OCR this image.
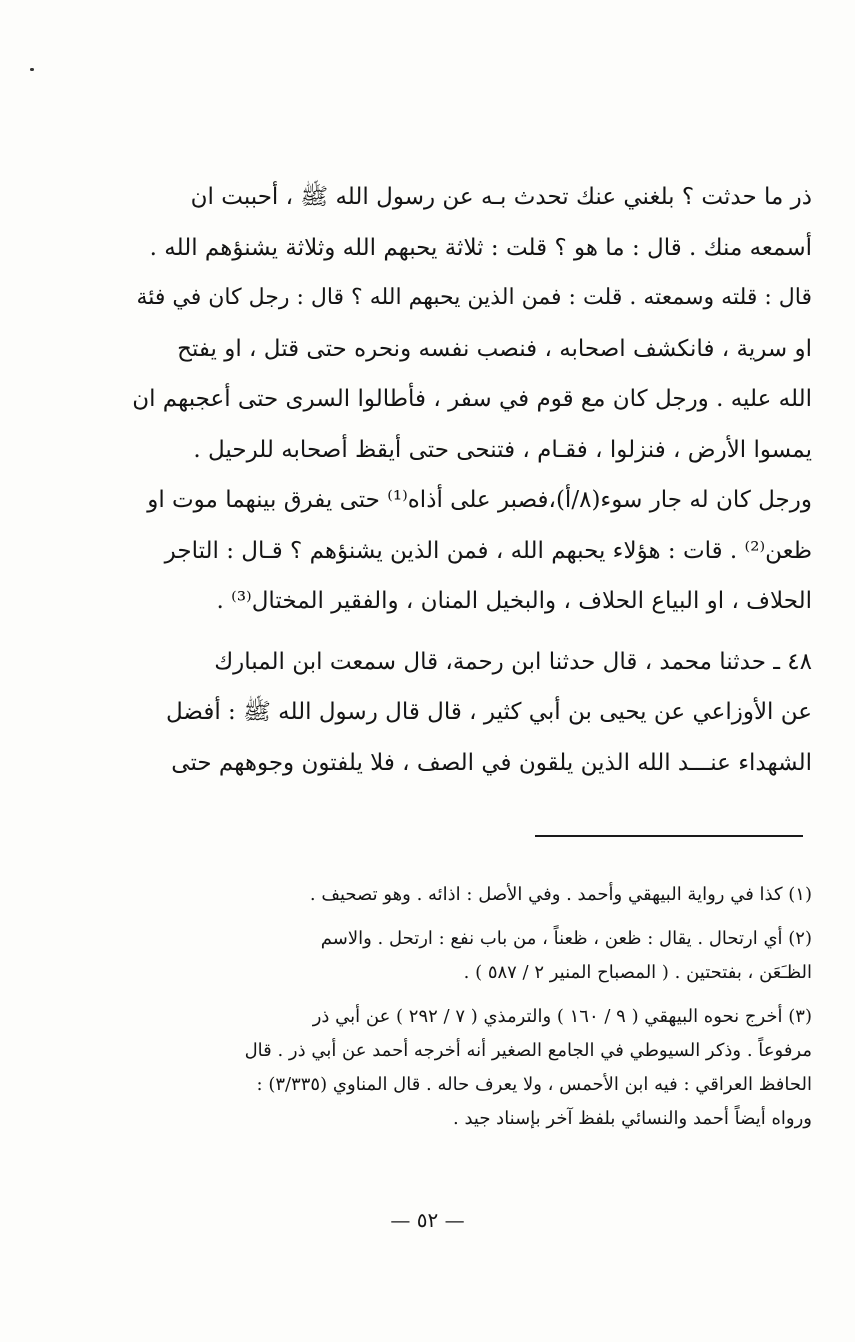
ذر ما حدثت ؟ بلغني عنك تحدث بـه عن رسول الله ﷺ ، أحببت ان
أسمعه منك . قال : ما هو ؟ قلت : ثلاثة يحبهم الله وثلاثة يشنؤهم الله .
قال : قلته وسمعته . قلت : فمن الذين يحبهم الله ؟ قال : رجل كان في فئة
او سرية ، فانكشف اصحابه ، فنصب نفسه ونحره حتى قتل ، او يفتح
الله عليه . ورجل كان مع قوم في سفر ، فأطالوا السرى حتى أعجبهم ان
يمسوا الأرض ، فنزلوا ، فقـام ، فتنحى حتى أيقظ أصحابه للرحيل .
ورجل كان له جار سوء(٨/أ)،فصبر على أذاه⁽¹⁾ حتى يفرق بينهما موت او
ظعن⁽²⁾ . قات : هؤلاء يحبهم الله ، فمن الذين يشنؤهم ؟ قـال : التاجر
الحلاف ، او البياع الحلاف ، والبخيل المنان ، والفقير المختال⁽³⁾ .

٤٨ ـ حدثنا محمد ، قال حدثنا ابن رحمة، قال سمعت ابن المبارك
عن الأوزاعي عن يحيى بن أبي كثير ، قال قال رسول الله ﷺ : أفضل
الشهداء عنـــد الله الذين يلقون في الصف ، فلا يلفتون وجوههم حتى

(١) كذا في رواية البيهقي وأحمد . وفي الأصل : اذائه . وهو تصحيف .

(٢) أي ارتحال . يقال : ظعن ، ظعناً ، من باب نفع : ارتحل . والاسم
الظـَعَن ، بفتحتين . ( المصباح المنير ٢ / ٥٨٧ ) .

(٣) أخرج نحوه البيهقي ( ٩ / ١٦٠ ) والترمذي ( ٧ / ٢٩٢ ) عن أبي ذر
مرفوعاً . وذكر السيوطي في الجامع الصغير أنه أخرجه أحمد عن أبي ذر . قال
الحافظ العراقي : فيه ابن الأحمس ، ولا يعرف حاله . قال المناوي (٣/٣٣٥) :
ورواه أيضاً أحمد والنسائي بلفظ آخر بإسناد جيد .

— ٥٢ —
